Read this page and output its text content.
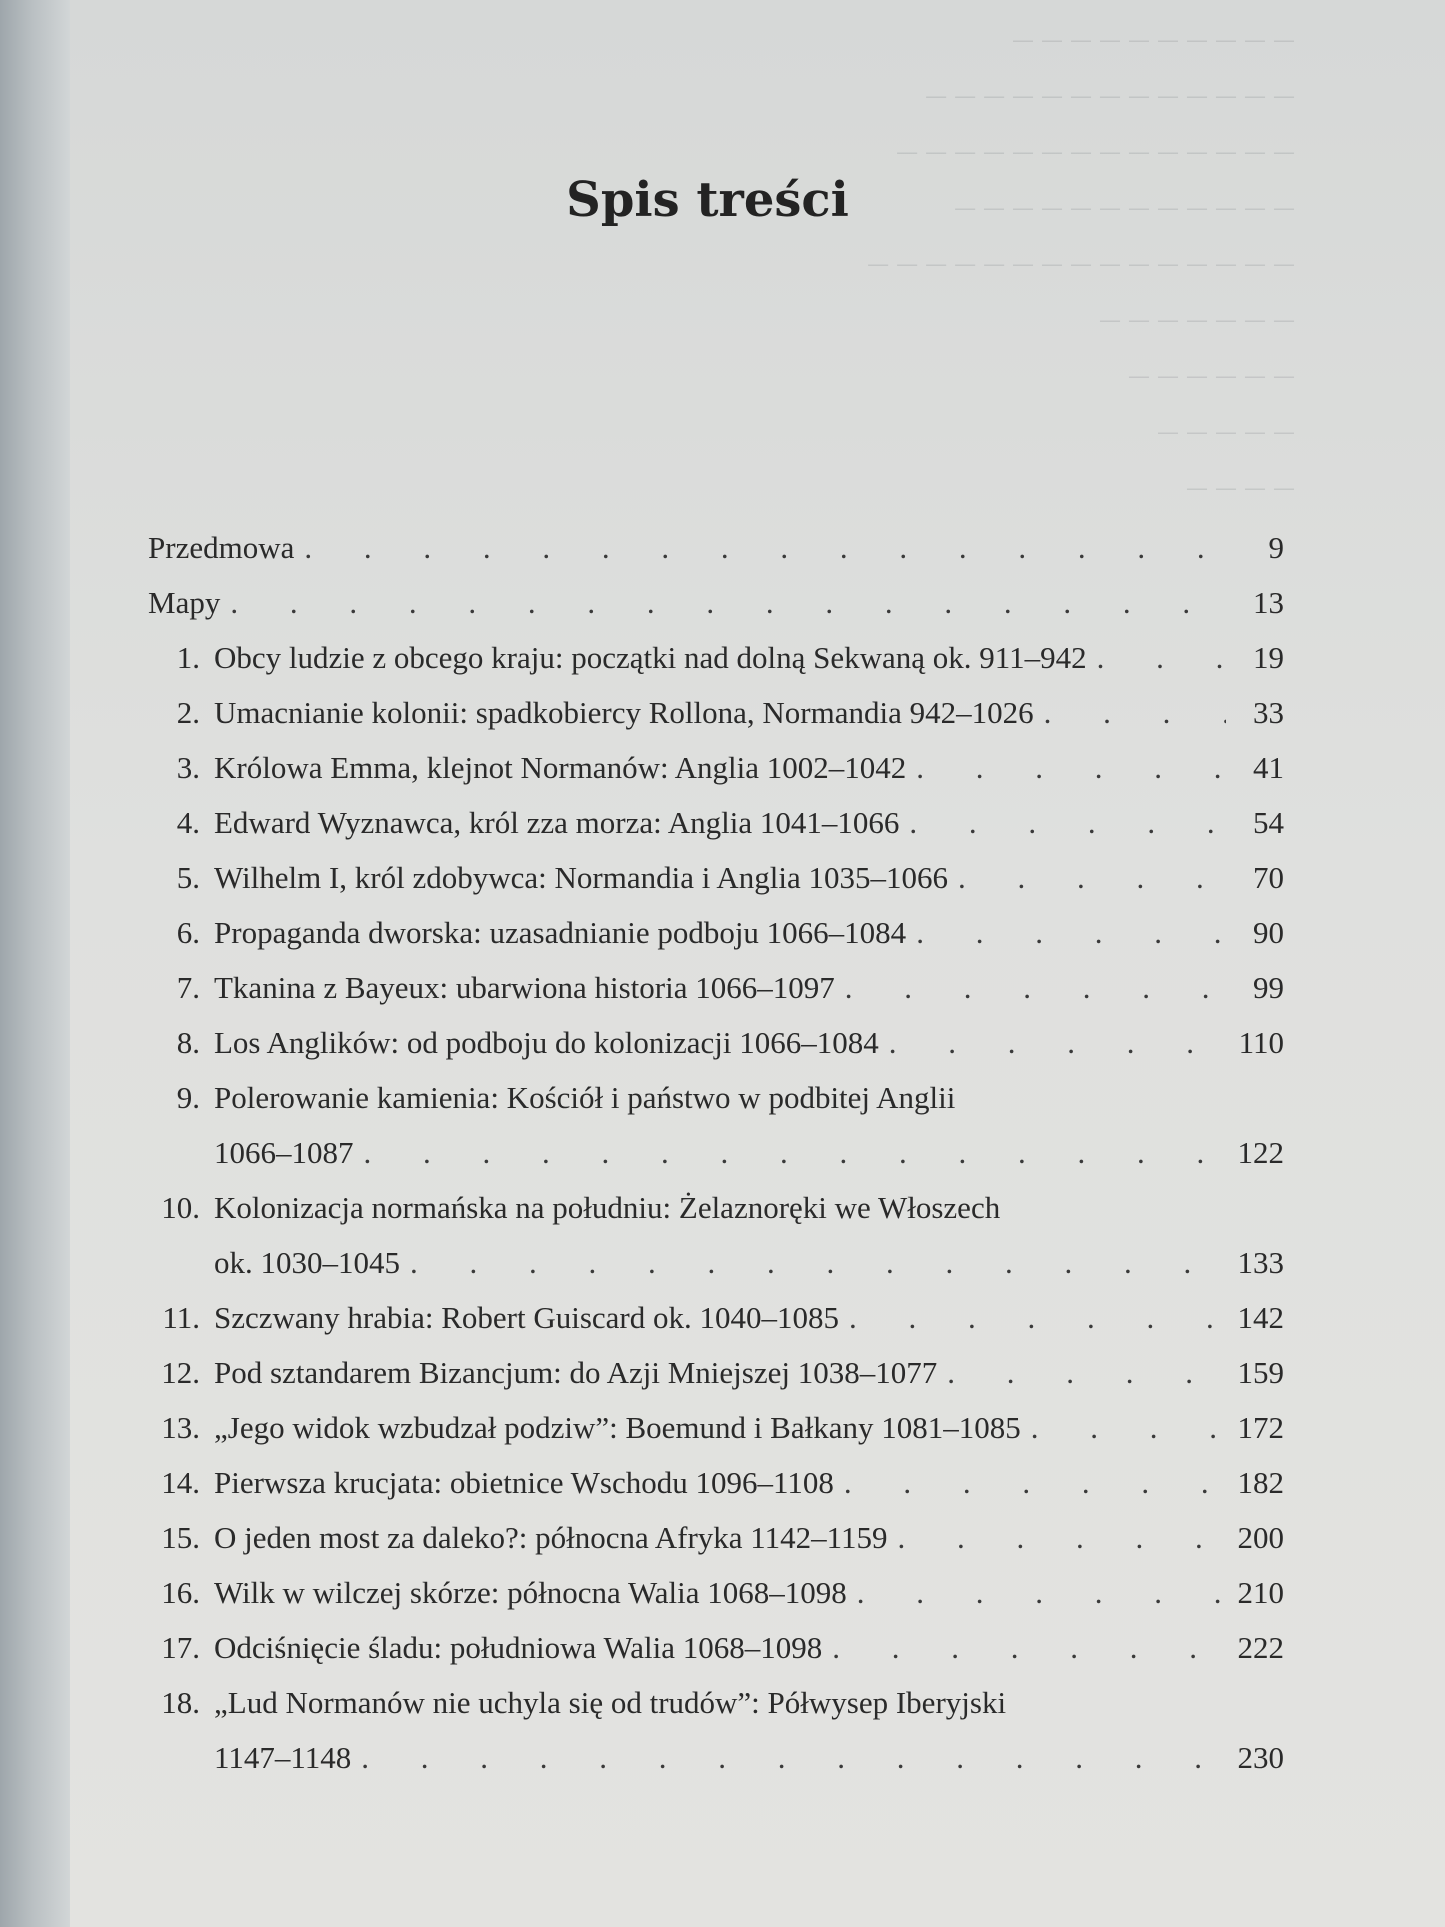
— — — — — — — — — —
— — — — — — — — — — — — —
— — — — — — — — — — — — — —
— — — — — — — — — — — —
— — — — — — — — — — — — — — —
— — — — — — —
— — — — — —
— — — — —
— — — —
Spis treści
Przedmowa . . .	9
Mapy . . .	13
1. Obcy ludzie z obcego kraju: początki nad dolną Sekwaną ok. 911–942 . . .	19
2. Umacnianie kolonii: spadkobiercy Rollona, Normandia 942–1026 . . .	33
3. Królowa Emma, klejnot Normanów: Anglia 1002–1042 . . .	41
4. Edward Wyznawca, król zza morza: Anglia 1041–1066 . . .	54
5. Wilhelm I, król zdobywca: Normandia i Anglia 1035–1066 . . .	70
6. Propaganda dworska: uzasadnianie podboju 1066–1084 . . .	90
7. Tkanina z Bayeux: ubarwiona historia 1066–1097 . . .	99
8. Los Anglików: od podboju do kolonizacji 1066–1084 . . .	110
9. Polerowanie kamienia: Kościół i państwo w podbitej Anglii
1066–1087 . . .	122
10. Kolonizacja normańska na południu: Żelaznoręki we Włoszech
ok. 1030–1045 . . .	133
11. Szczwany hrabia: Robert Guiscard ok. 1040–1085 . . .	142
12. Pod sztandarem Bizancjum: do Azji Mniejszej 1038–1077 . . .	159
13. „Jego widok wzbudzał podziw”: Boemund i Bałkany 1081–1085 . . .	172
14. Pierwsza krucjata: obietnice Wschodu 1096–1108 . . .	182
15. O jeden most za daleko?: północna Afryka 1142–1159 . . .	200
16. Wilk w wilczej skórze: północna Walia 1068–1098 . . .	210
17. Odciśnięcie śladu: południowa Walia 1068–1098 . . .	222
18. „Lud Normanów nie uchyla się od trudów”: Półwysep Iberyjski
1147–1148 . . .	230
